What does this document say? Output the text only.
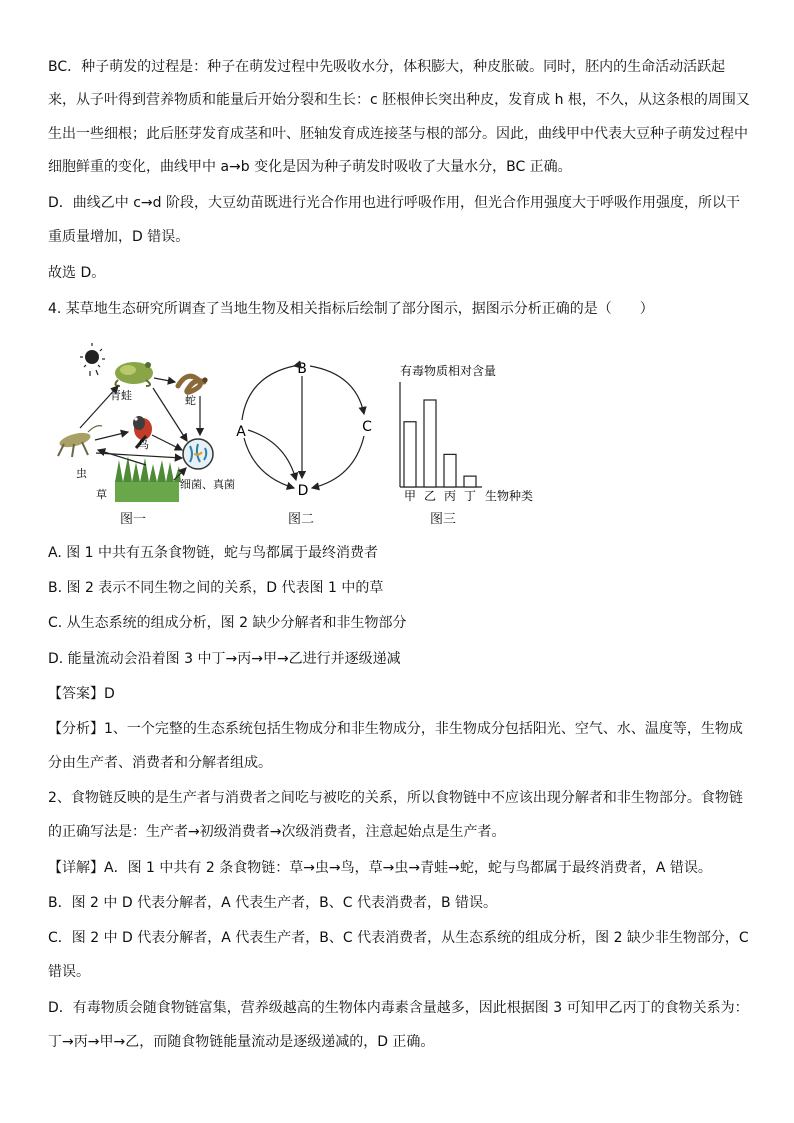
BC．种子萌发的过程是：种子在萌发过程中先吸收水分，体积膨大，种皮胀破。同时，胚内的生命活动活跃起
来，从子叶得到营养物质和能量后开始分裂和生长：c 胚根伸长突出种皮，发育成 h 根，不久，从这条根的周围又
生出一些细根；此后胚芽发育成茎和叶、胚轴发育成连接茎与根的部分。因此，曲线甲中代表大豆种子萌发过程中
细胞鲜重的变化，曲线甲中 a→b 变化是因为种子萌发时吸收了大量水分，BC 正确。
D．曲线乙中 c→d 阶段，大豆幼苗既进行光合作用也进行呼吸作用，但光合作用强度大于呼吸作用强度，所以干
重质量增加，D 错误。
故选 D。
4. 某草地生态研究所调查了当地生物及相关指标后绘制了部分图示，据图示分析正确的是（　　）
A. 图 1 中共有五条食物链，蛇与鸟都属于最终消费者
B. 图 2 表示不同生物之间的关系，D 代表图 1 中的草
C. 从生态系统的组成分析，图 2 缺少分解者和非生物部分
D. 能量流动会沿着图 3 中丁→丙→甲→乙进行并逐级递减
【答案】D
【分析】1、一个完整的生态系统包括生物成分和非生物成分，非生物成分包括阳光、空气、水、温度等，生物成
分由生产者、消费者和分解者组成。
2、食物链反映的是生产者与消费者之间吃与被吃的关系，所以食物链中不应该出现分解者和非生物部分。食物链
的正确写法是：生产者→初级消费者→次级消费者，注意起始点是生产者。
【详解】A．图 1 中共有 2 条食物链：草→虫→鸟，草→虫→青蛙→蛇，蛇与鸟都属于最终消费者，A 错误。
B．图 2 中 D 代表分解者，A 代表生产者，B、C 代表消费者，B 错误。
C．图 2 中 D 代表分解者，A 代表生产者，B、C 代表消费者，从生态系统的组成分析，图 2 缺少非生物部分，C
错误。
D．有毒物质会随食物链富集，营养级越高的生物体内毒素含量越多，因此根据图 3 可知甲乙丙丁的食物关系为：
丁→丙→甲→乙，而随食物链能量流动是逐级递减的，D 正确。
青蛙	蛇
虫
鸟
草
细菌、真菌
图一
B
A	C
D
图二
有毒物质相对含量
甲 乙 丙 丁 生物种类
图三
